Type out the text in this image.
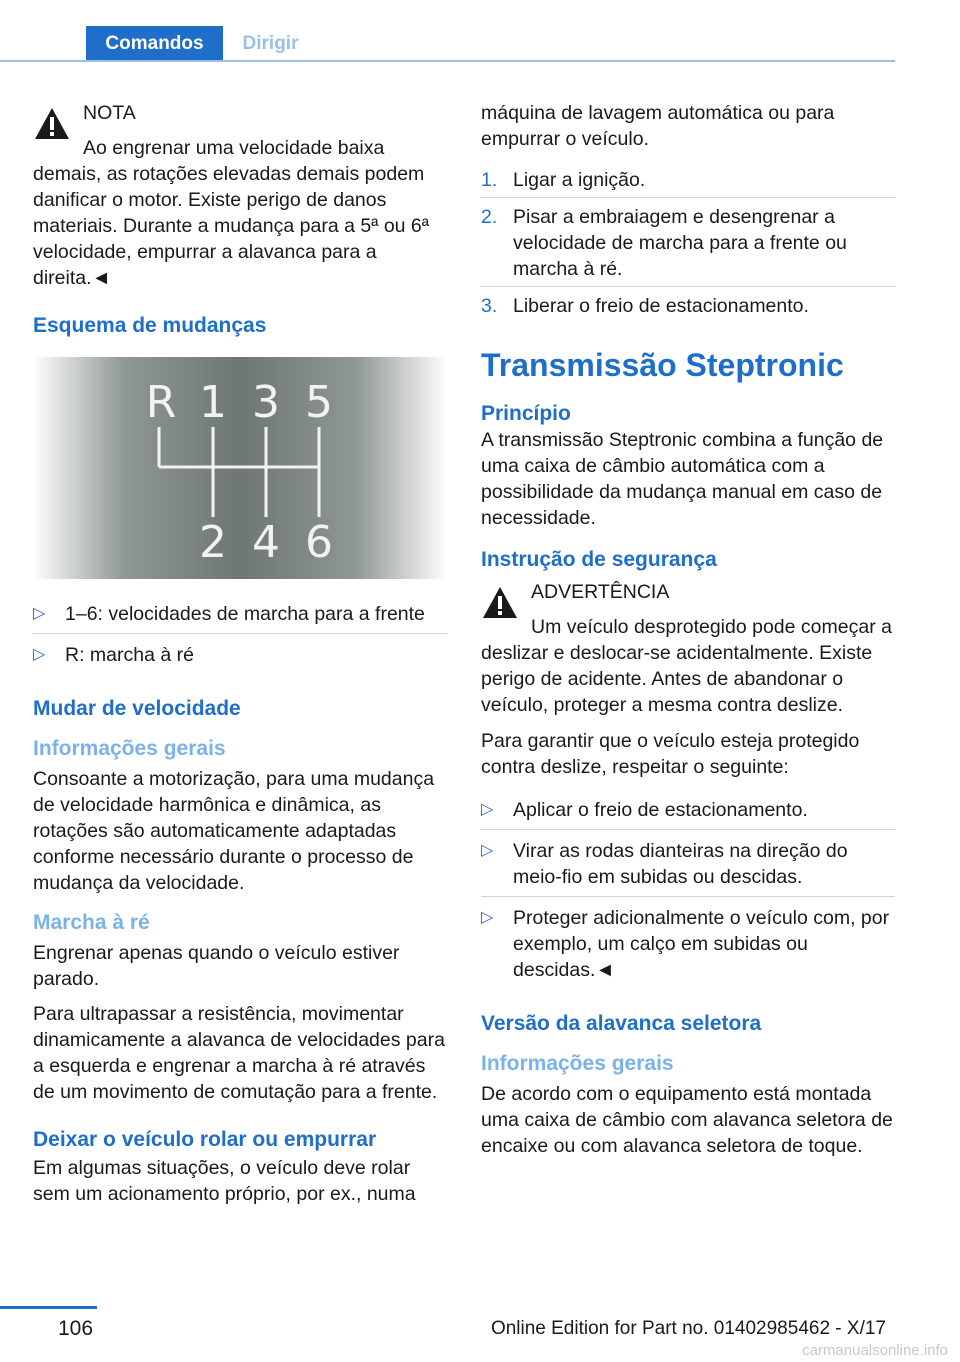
Comandos	Dirigir

NOTA

Ao engrenar uma velocidade baixa demais, as rotações elevadas demais podem danificar o motor. Existe perigo de danos materiais. Durante a mudança para a 5ª ou 6ª velocidade, empurrar a alavanca para a direita.◄

Esquema de mudanças
R 1 3 5
2 4 6
▷ 1–6: velocidades de marcha para a frente
▷ R: marcha à ré
Mudar de velocidade
Informações gerais

Consoante a motorização, para uma mudança de velocidade harmônica e dinâmica, as rotações são automaticamente adaptadas conforme necessário durante o processo de mudança da velocidade.

Marcha à ré

Engrenar apenas quando o veículo estiver parado.

Para ultrapassar a resistência, movimentar dinamicamente a alavanca de velocidades para a esquerda e engrenar a marcha à ré através de um movimento de comutação para a frente.

Deixar o veículo rolar ou empurrar

Em algumas situações, o veículo deve rolar sem um acionamento próprio, por ex., numa

máquina de lavagem automática ou para empurrar o veículo.

1. Ligar a ignição.
2. Pisar a embraiagem e desengrenar a velocidade de marcha para a frente ou marcha à ré.
3. Liberar o freio de estacionamento.
Transmissão Steptronic
Princípio

A transmissão Steptronic combina a função de uma caixa de câmbio automática com a possibilidade da mudança manual em caso de necessidade.

Instrução de segurança

ADVERTÊNCIA

Um veículo desprotegido pode começar a deslizar e deslocar-se acidentalmente. Existe perigo de acidente. Antes de abandonar o veículo, proteger a mesma contra deslize.

Para garantir que o veículo esteja protegido contra deslize, respeitar o seguinte:

▷ Aplicar o freio de estacionamento.
▷ Virar as rodas dianteiras na direção do meio-fio em subidas ou descidas.
▷ Proteger adicionalmente o veículo com, por exemplo, um calço em subidas ou descidas.◄
Versão da alavanca seletora
Informações gerais

De acordo com o equipamento está montada uma caixa de câmbio com alavanca seletora de encaixe ou com alavanca seletora de toque.

106	Online Edition for Part no. 01402985462 - X/17
carmanualsonline.info
